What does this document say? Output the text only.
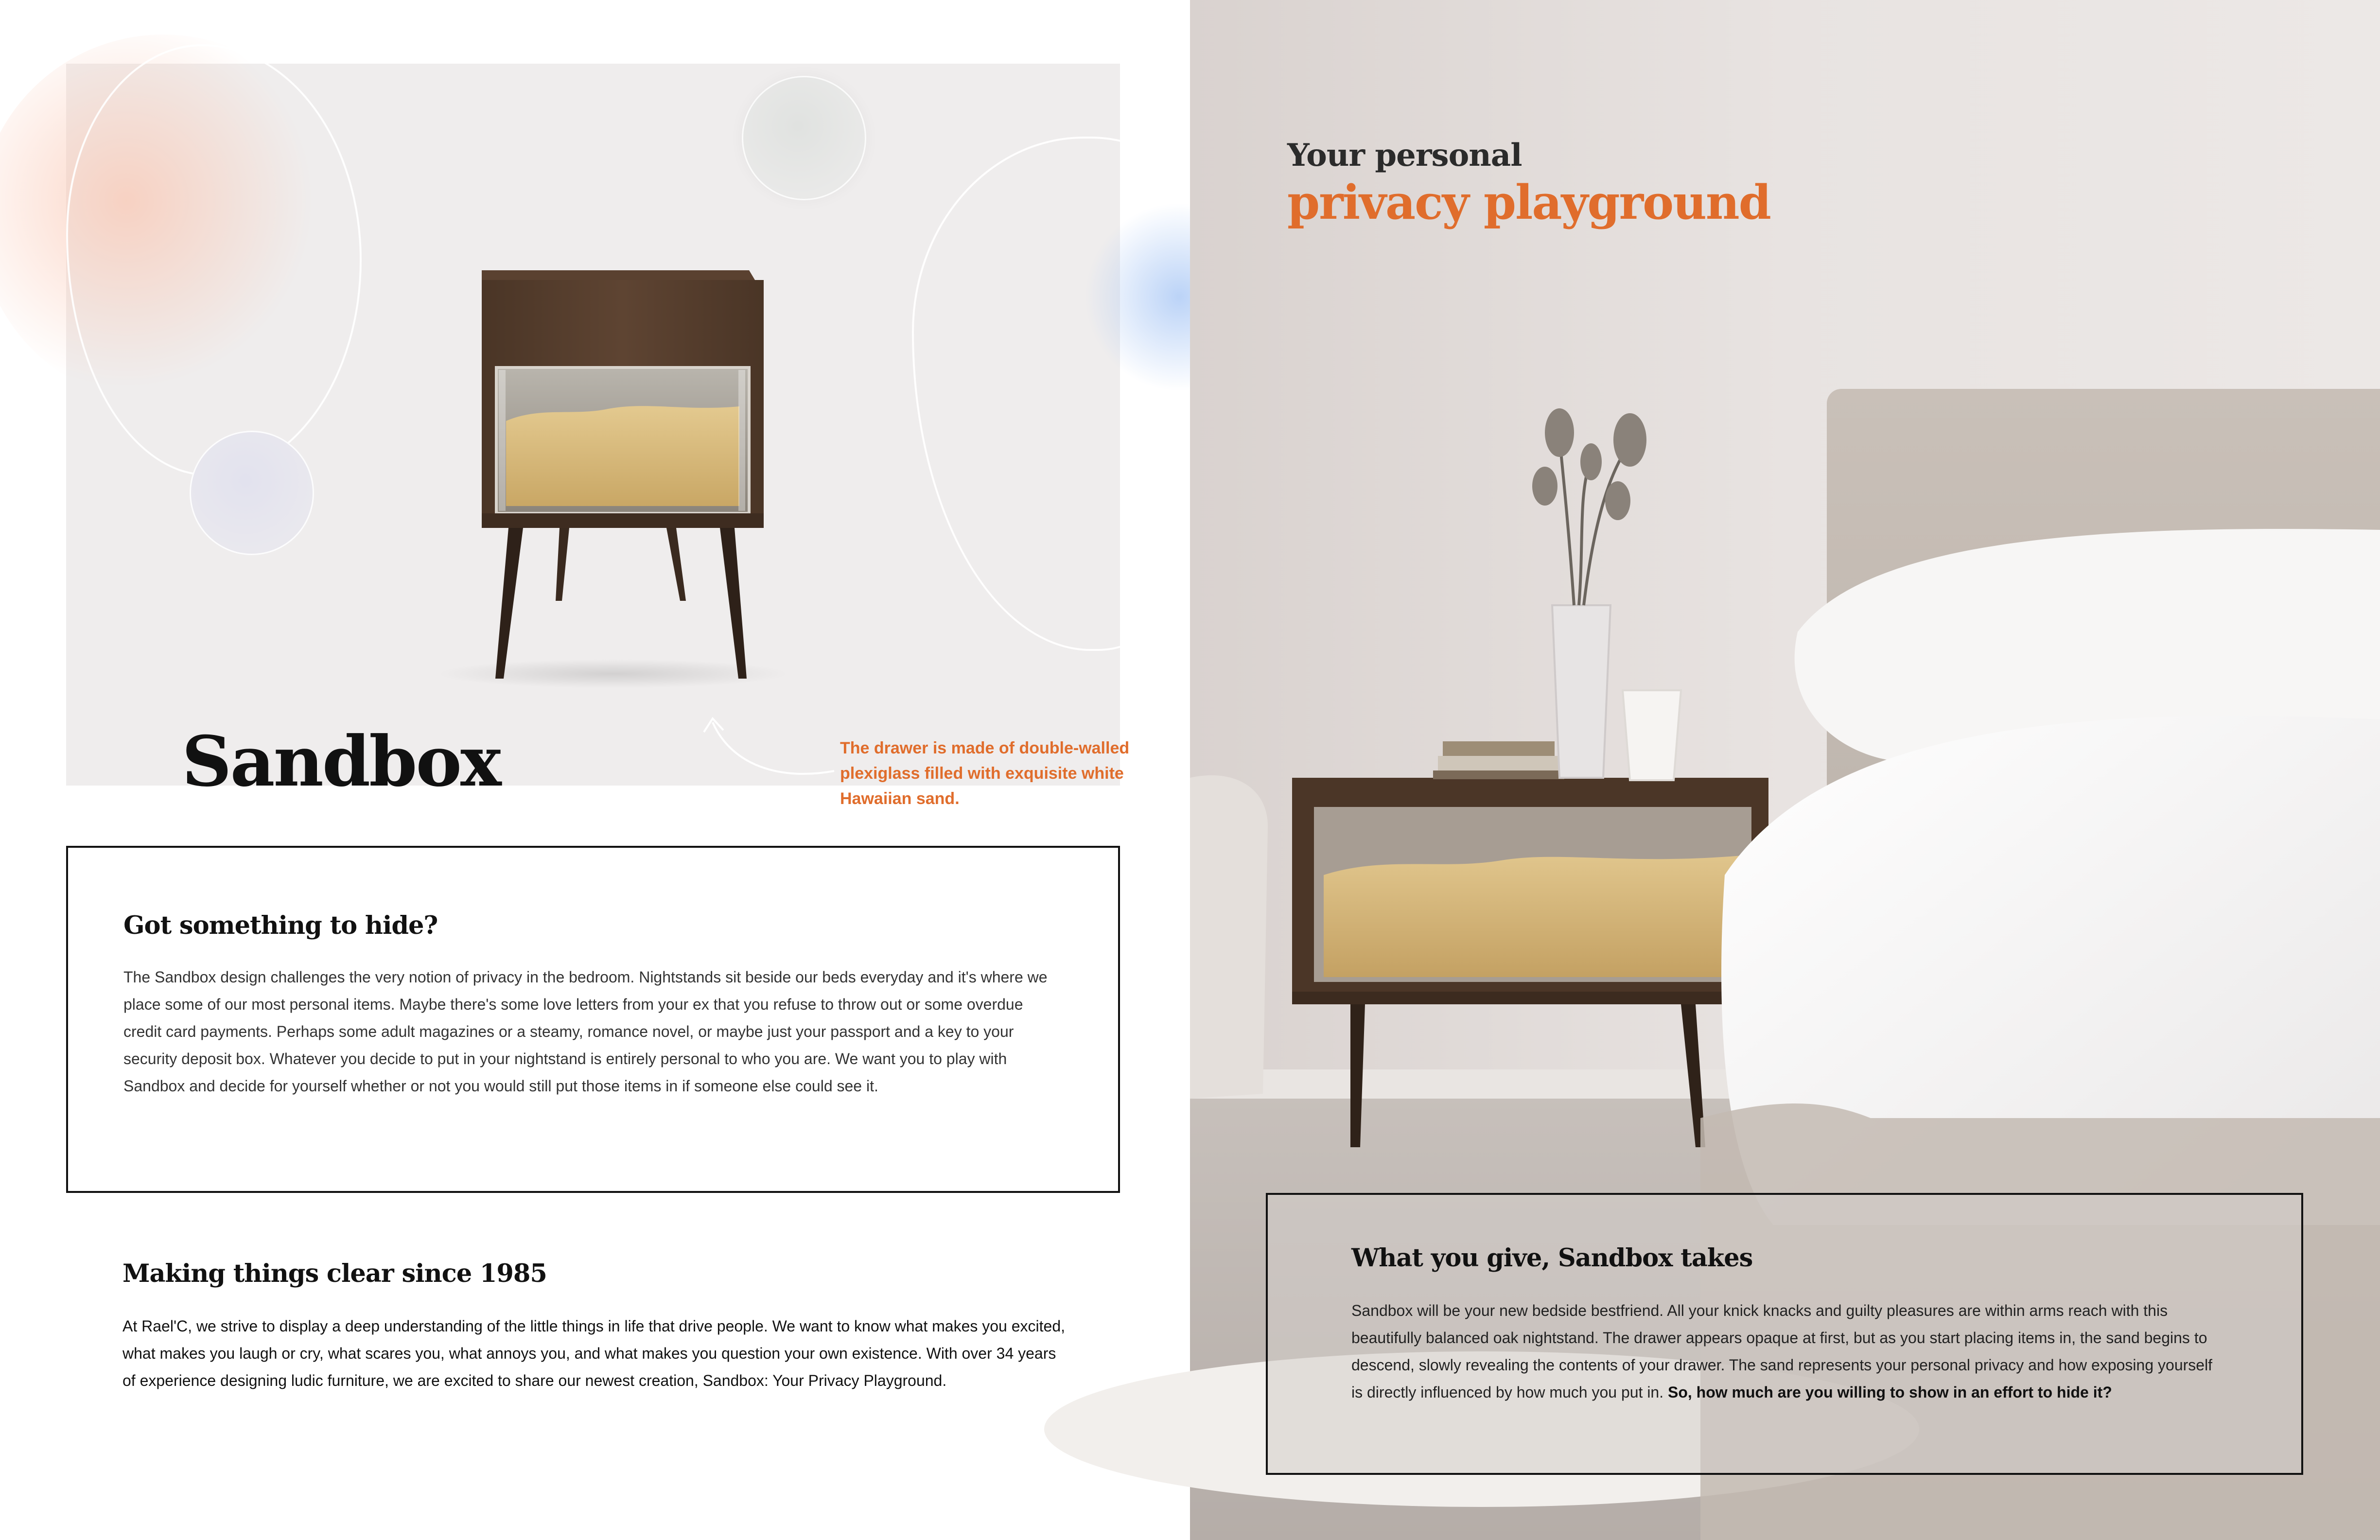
Sandbox	The drawer is made of double-walled plexiglass filled with exquisite white Hawaiian sand.
Got something to hide?
The Sandbox design challenges the very notion of privacy in the bedroom. Nightstands sit beside our beds everyday and it's where we place some of our most personal items. Maybe there's some love letters from your ex that you refuse to throw out or some overdue credit card payments. Perhaps some adult magazines or a steamy, romance novel, or maybe just your passport and a key to your security deposit box. Whatever you decide to put in your nightstand is entirely personal to who you are. We want you to play with Sandbox and decide for yourself whether or not you would still put those items in if someone else could see it.
Making things clear since 1985
At Rael'C, we strive to display a deep understanding of the little things in life that drive people. We want to know what makes you excited, what makes you laugh or cry, what scares you, what annoys you, and what makes you question your own existence. With over 34 years of experience designing ludic furniture, we are excited to share our newest creation, Sandbox: Your Privacy Playground.
Your personal
privacy playground
What you give, Sandbox takes
Sandbox will be your new bedside bestfriend. All your knick knacks and guilty pleasures are within arms reach with this beautifully balanced oak nightstand. The drawer appears opaque at first, but as you start placing items in, the sand begins to descend, slowly revealing the contents of your drawer. The sand represents your personal privacy and how exposing yourself is directly influenced by how much you put in. So, how much are you willing to show in an effort to hide it?
